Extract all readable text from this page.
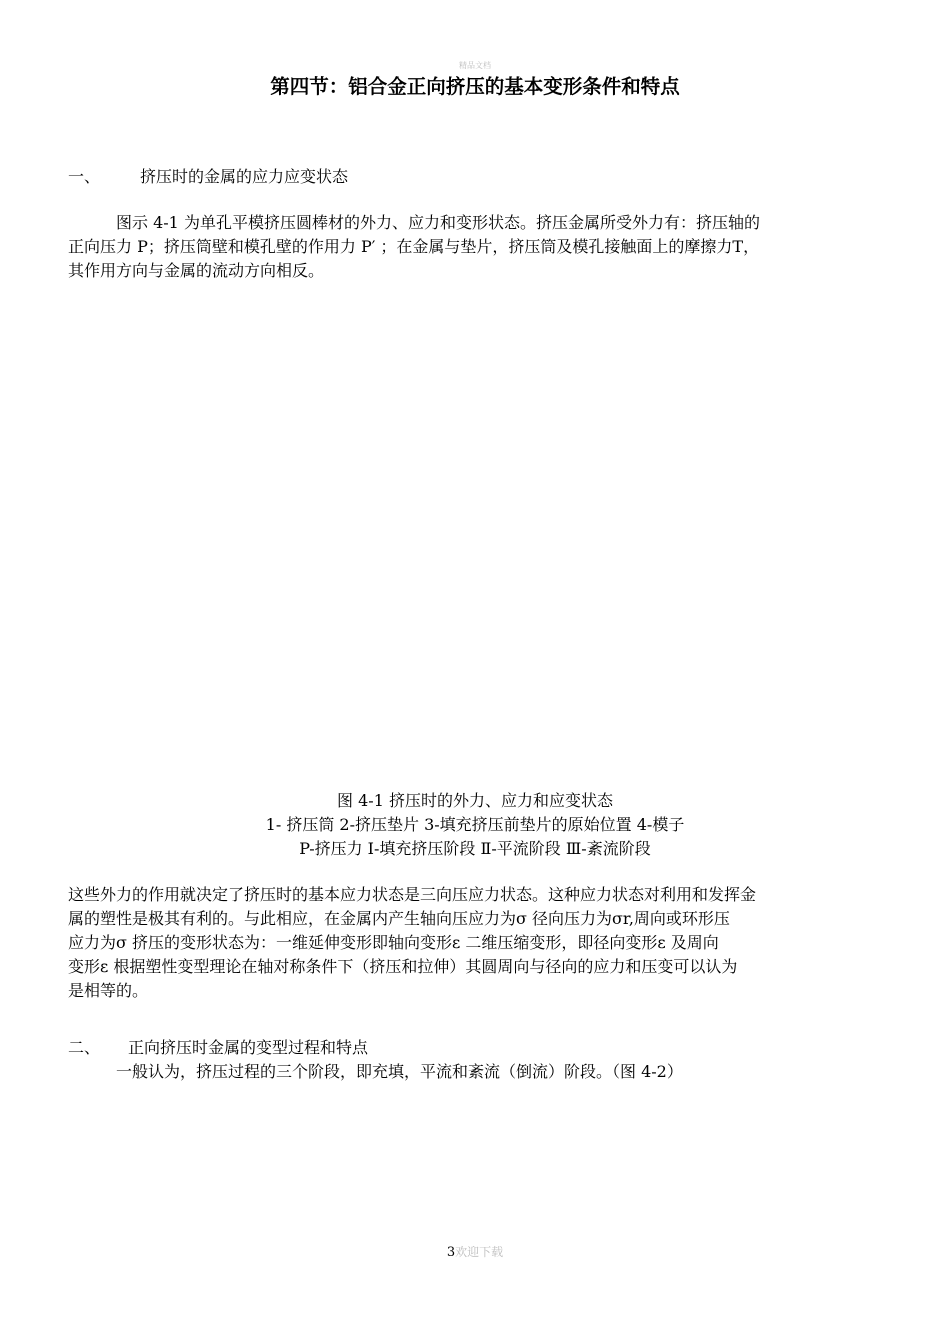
精品文档
第四节：铝合金正向挤压的基本变形条件和特点
一、 挤压时的金属的应力应变状态
图示 4-1 为单孔平模挤压圆棒材的外力、应力和变形状态。挤压金属所受外力有：挤压轴的
正向压力 P；挤压筒壁和模孔壁的作用力 P′ ；在金属与垫片，挤压筒及模孔接触面上的摩擦力T，
其作用方向与金属的流动方向相反。
图 4-1 挤压时的外力、应力和应变状态
1- 挤压筒 2-挤压垫片 3-填充挤压前垫片的原始位置 4-模子
P-挤压力 Ⅰ-填充挤压阶段 Ⅱ-平流阶段 Ⅲ-紊流阶段
这些外力的作用就决定了挤压时的基本应力状态是三向压应力状态。这种应力状态对利用和发挥金
属的塑性是极其有利的。与此相应，在金属内产生轴向压应力为σ 径向压力为σr,周向或环形压
应力为σ 挤压的变形状态为：一维延伸变形即轴向变形ε 二维压缩变形，即径向变形ε 及周向
变形ε 根据塑性变型理论在轴对称条件下（挤压和拉伸）其圆周向与径向的应力和压变可以认为
是相等的。
二、 正向挤压时金属的变型过程和特点
一般认为，挤压过程的三个阶段，即充填，平流和紊流（倒流）阶段。（图 4-2）
3欢迎下载
